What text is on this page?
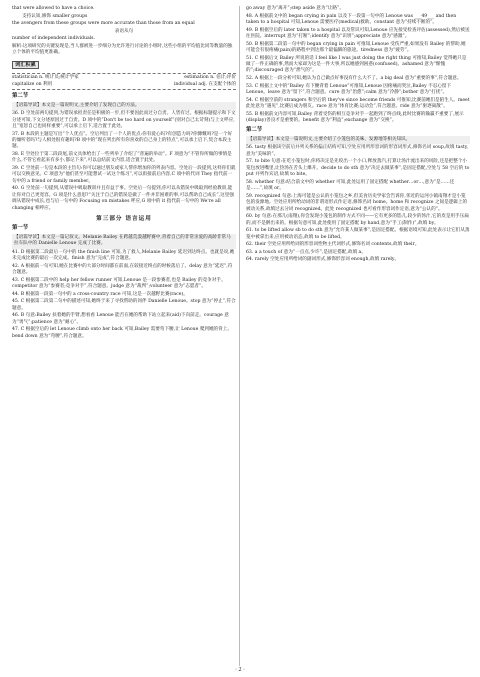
that were allowed to have a choice.

支持认知,修饰 smaller groups

the avengers from these groups were more accurate than those from an equal

表语从句

number of independent individuals.

解析:这项研究的关键发现是,当人群被进一步细分为允许进行讨论的小组时,这些小组的平均值比同等数量的独立个体的平均值更准确。

词汇积累
statistician n. 统计员;统计学家	estimation n. 估计;评价
capitalize on 利用	individual adj. 在支配个体的
第二节

【语篇导读】本文是一篇说明文,主要介绍了发现自己的方法。

36. D 空处前两句提到,为错误承担责任是积极的一步,但不要因此而过分自责。人皆有过。根据标题提示和下文分述可知,下文分述原因过于自责。D 项中的“Don't be too hard on yourself”(别对自己太苛刻)与上文呼应,且“宽恕自己也同样重要”,可以承上启下,适合置于此处。

37. B 本段的主题是写出“个人优点”。空后列出了一个人的优点:你有爱心吗?有创造力吗?你慷慨吗?是一个好的倾听者吗?与人相处很有趣吗?B 项中的“现在列出所有你喜欢的自己身上的特点”,可以承上启下,契合本段主题。

38. E 空处位于第二段段尾,前文具体给出了一些列举了介绍了“普遍的举动”。F 项意为“不管你所做的事情是什么,不管它看起来有多小,都记下来”,可以总结前文内容,适合置于此处。

39. C 空处前一句是本段的主旨句:你可以通过朋友或家人帮你增加你的列表内容。空处后一段提到,这样你们就可以交换意见。C 项意为“他们甚至可能想试一试这个练习”,可以衔接前后内容,C 项中的代词 They 指代前一句中的 a friend or family member。

40. G 空处前一句提到,从错误中吸取教训并且有益于事。空处后一句提到,你可以从错误中吸取到经验教训,能让你对自己更宽容。G 项是什么意思?“关注于自己的错误是做了一件并非困难的事,可以帮助自己成长”,这里强调从错误中成长,也与后一句中的 Focusing on mistakes 呼应,G 项中的 it 指代前一句中的 We're all changing 相呼应。

第三部分 语言运用
第一节

【语篇导读】本文是一篇记叙文。Melanie Bailey 在跨越荒漠越野赛中,背着自己的非常亲爱的高龄非常马拉车队中的 Danielle Lenoue 完成了比赛。

41. D 根据第二段最后一句中的 the finish line 可知,为了救人,Melanie Bailey 延迟到达终点。也就是说,她未完成比赛的最后一次完成。finish 意为“完成”,符合题意。

42. A 根据前一句可知,她在比赛中的大部分时间都在前面,在较接近终点的时候落后了。delay 意为“延迟”,符合题意。

43. C 根据第二段中的 help her fellow runner 可知,Lenoue 是一段参赛者,也是 Bailey 的竞争对手。competitor 意为“参赛者;竞争对手”,符合题意。judge 意为“裁判”;volunteer 意为“志愿者”。

44. B 根据第一段第一句中的 a cross-country race 可知,这是一次越野比赛(race)。

45. C 根据第二段第二句中的描述可知,她终于来了寻找帮助的同伴 Danielle Lenoue。stop 意为“停止”,符合题意。

46. B 句意:Bailey 扶着她的手臂,想看看 Lenoue 能否在她的帮助下站立起来(aid)下向前走。courage 意为“勇气”;patience 意为“耐心”。

47. C 根据空后的 let Lenoue climb onto her back 可知,Bailey 需要弯下腰,让 Lenoue 爬到她的背上。bend down 意为“弯腰”,符合题意。

go away 意为“离开”;step aside 意为“让路”。

48. A 根据前文中的 began crying in pain 以及下一段第一句中的 Lenoue was ___49___ and then taken to a hospital 可知,Lenoue 需要医疗(medical)救助。constant 意为“持续不断的”。

49. B 根据空后的 later taken to a hospital 以及常识可知,Lenoue 应先接受检查评估(assessed),然后被送往医院。interrupt 意为“打断”;identify 意为“识别”;appreciate 意为“感激”。

50. B 根据第二段第一句中的 began crying in pain 可推知,Lenoue 受伤严重,如果没有 Bailey 的帮助,她可能会有很疼痛(pain)的路程中到达那个最偏僻的旅途。tiredness 意为“疲劳”。

51. C 根据后文 Bailey 所说的话 I feel like I was just doing the right thing 可推知,Bailey 觉得她只是做了一件正确的事,然而大家却为这是一件大事,所以她感到困惑(confused)。ashamed 意为“惭愧的”;discouraged 意为“泄气的”。

52. A 根据上一段分析可知,她认为自己做点好事没有什么大不了。a big deal 意为“重要的事”,符合题意。

53. C 根据上文中的“Bailey 有下腰背着 Lenoue”可推知,Lenoue 因疼痛而哭泣,Bailey 不忍心留下 Lenoue。leave 意为“留下”,符合题意。cure 意为“治愈”;calm 意为“冷静”;bother 意为“打扰”。

54. C 根据空前的 strangers 和空后的 they've since become friends 可推知,比赛前她们是陌生人。meet 此处意为“遇见”,比赛后成为朋友。race 意为“体育比赛;运动会”,符合题意。ride 意为“驱逐离散”。

55. B 根据前文内容可知,Bailey 背着受伤的相互竞争对手一起跑到了终点线,此时比赛的输赢不重要了,展示(display)善良才是重要的。benefit 意为“利益”;exchange 意为“交换”。

第二节

【语篇导读】本文是一篇说明文,主要介绍了小笼包的美味、发源地等相关知识。

56. tasty 根据该空前后并列关系的偏正结构可知,空处应用所形容词的形容词形式,修饰名词 soup,故填 tasty,意为“美味的”。

57. to bite 句意:在吃小笼包时,你将决定是先咬出一个小口,释放蒸汽,打算让汤汁流出来的风险,还是把整个小笼包放进嘴里,让热汤在舌头上爆开。decide to do sth 意为“决定去做某事”,是固定搭配,空处与 58 空后的 to put 并列作宾语,故填 to bite。

58. whether 句意:结合前文中的 whether 可知,此处运用了固定搭配 whether…or…,意为“是……还是……”,故填 or。

59. recognized 句意:上海可能是公认的小笼包之乡,但美食历史学家会告诉你,邻近的运河小镇南翔才是小笼包的发源地。空处应用所给动词的非谓语形式作定语,修饰名词 home。home 和 recognize 之间是逻辑上的被动关系,故填过去分词 recognized。此处 recognized 也可看作形容词作定语,意为“公认的”。

60. by 句意:在那儿(南翔),你会发现小笼包的制作方式不同——它有更多的馅儿,较少的汤汁,它的皮是用手压扁的,而不是擀出来的。根据句意可知,此处使用了固定搭配 by hand,意为“手工(制作)”,故填 by。

61. to be lifted allow sb to do sth 意为“允许某人做某事”,是固定搭配。根据语境可知,此处表示让它们从蒸笼中被拿出来,应用被动语态,故填 to be lifted。

62. their 空处应用所给词的形容词性物主代词形式,修饰名词 contents,故填 their。

63. a a touch of 意为“一点点,少许”,是固定搭配,故填 a。

64. rarely 空处应用所给词的副词形式,修饰形容词 enough,故填 rarely。

· 2 ·
